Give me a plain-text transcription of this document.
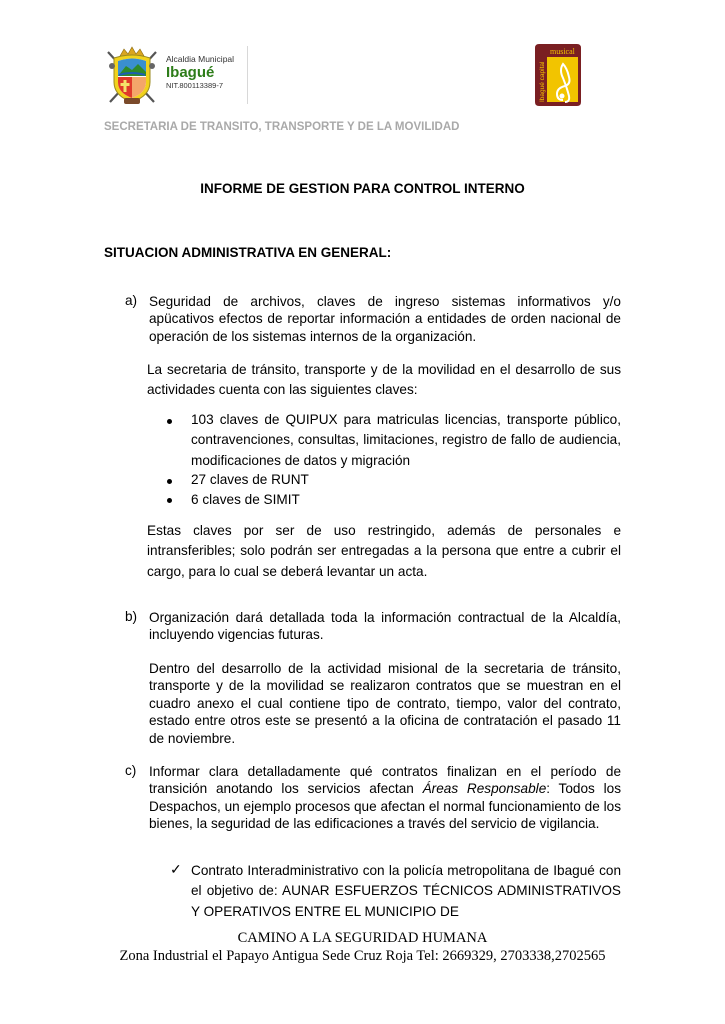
Alcaldia Municipal
Ibagué
NIT.800113389-7
musical
Ibagué capital
SECRETARIA DE TRANSITO, TRANSPORTE Y DE LA MOVILIDAD
INFORME DE GESTION PARA CONTROL INTERNO
SITUACION ADMINISTRATIVA EN GENERAL:
a) Seguridad de archivos, claves de ingreso sistemas informativos y/o apücativos efectos de reportar información a entidades de orden nacional de operación de los sistemas internos de la organización.
La secretaria de tránsito, transporte y de la movilidad en el desarrollo de sus actividades cuenta con las siguientes claves:
103 claves de QUIPUX para matriculas licencias, transporte público, contravenciones, consultas, limitaciones, registro de fallo de audiencia, modificaciones de datos y migración
27 claves de RUNT
6 claves de SIMIT
Estas claves por ser de uso restringido, además de personales e intransferibles; solo podrán ser entregadas a la persona que entre a cubrir el cargo, para lo cual se deberá levantar un acta.
b) Organización dará detallada toda la información contractual de la Alcaldía, incluyendo vigencias futuras.
Dentro del desarrollo de la actividad misional de la secretaria de tránsito, transporte y de la movilidad se realizaron contratos que se muestran en el cuadro anexo el cual contiene tipo de contrato, tiempo, valor del contrato, estado entre otros este se presentó a la oficina de contratación el pasado 11 de noviembre.
c) Informar clara detalladamente qué contratos finalizan en el período de transición anotando los servicios afectan Áreas Responsable: Todos los Despachos, un ejemplo procesos que afectan el normal funcionamiento de los bienes, la seguridad de las edificaciones a través del servicio de vigilancia.
✓ Contrato Interadministrativo con la policía metropolitana de Ibagué con el objetivo de: AUNAR ESFUERZOS TÉCNICOS ADMINISTRATIVOS Y OPERATIVOS ENTRE EL MUNICIPIO DE
CAMINO A LA SEGURIDAD HUMANA
Zona Industrial el Papayo Antigua Sede Cruz Roja Tel: 2669329, 2703338,2702565
